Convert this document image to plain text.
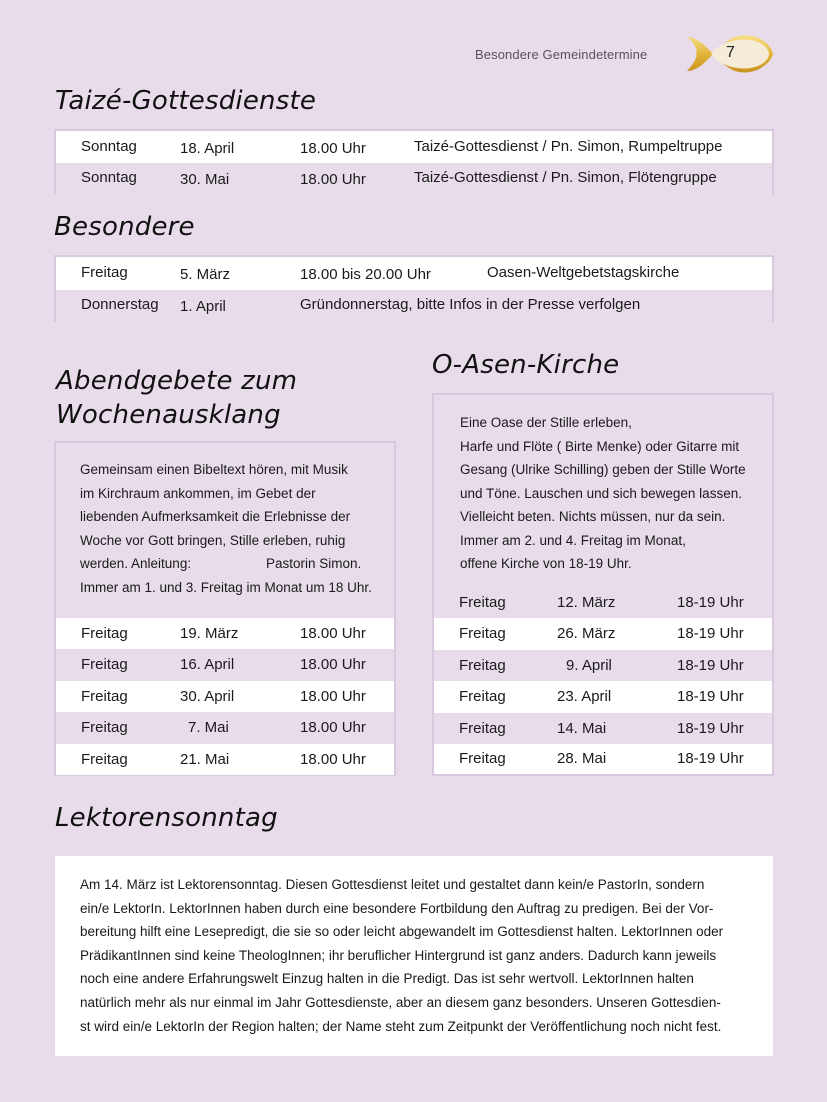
Besondere Gemeindetermine	7
Taizé-Gottesdienste
Sonntag	18. April	18.00 Uhr	Taizé-Gottesdienst / Pn. Simon, Rumpeltruppe
Sonntag	30. Mai	18.00 Uhr	Taizé-Gottesdienst / Pn. Simon, Flötengruppe
Besondere
Freitag	5. März	18.00 bis 20.00 Uhr	Oasen-Weltgebetstagskirche
Donnerstag 1. April	Gründonnerstag, bitte Infos in der Presse verfolgen
Abendgebete zum
Wochenausklang
Gemeinsam einen Bibeltext hören, mit Musik
im Kirchraum ankommen, im Gebet der
liebenden Aufmerksamkeit die Erlebnisse der
Woche vor Gott bringen, Stille erleben, ruhig
werden. Anleitung:	Pastorin Simon.
Immer am 1. und 3. Freitag im Monat um 18 Uhr.
Freitag	19. März	18.00 Uhr
Freitag	16. April	18.00 Uhr
Freitag	30. April	18.00 Uhr
Freitag	7. Mai	18.00 Uhr
Freitag	21. Mai	18.00 Uhr
O-Asen-Kirche
Eine Oase der Stille erleben,
Harfe und Flöte ( Birte Menke) oder Gitarre mit
Gesang (Ulrike Schilling) geben der Stille Worte
und Töne. Lauschen und sich bewegen lassen.
Vielleicht beten. Nichts müssen, nur da sein.
Immer am 2. und 4. Freitag im Monat,
offene Kirche von 18-19 Uhr.
Freitag	12. März	18-19 Uhr
Freitag	26. März	18-19 Uhr
Freitag	9. April	18-19 Uhr
Freitag	23. April	18-19 Uhr
Freitag	14. Mai	18-19 Uhr
Freitag	28. Mai	18-19 Uhr
Lektorensonntag
Am 14. März ist Lektorensonntag. Diesen Gottesdienst leitet und gestaltet dann kein/e PastorIn, sondern
ein/e LektorIn. LektorInnen haben durch eine besondere Fortbildung den Auftrag zu predigen. Bei der Vor-
bereitung hilft eine Lesepredigt, die sie so oder leicht abgewandelt im Gottesdienst halten. LektorInnen oder
PrädikantInnen sind keine TheologInnen; ihr beruflicher Hintergrund ist ganz anders. Dadurch kann jeweils
noch eine andere Erfahrungswelt Einzug halten in die Predigt. Das ist sehr wertvoll. LektorInnen halten
natürlich mehr als nur einmal im Jahr Gottesdienste, aber an diesem ganz besonders. Unseren Gottesdien-
st wird ein/e LektorIn der Region halten; der Name steht zum Zeitpunkt der Veröffentlichung noch nicht fest.
